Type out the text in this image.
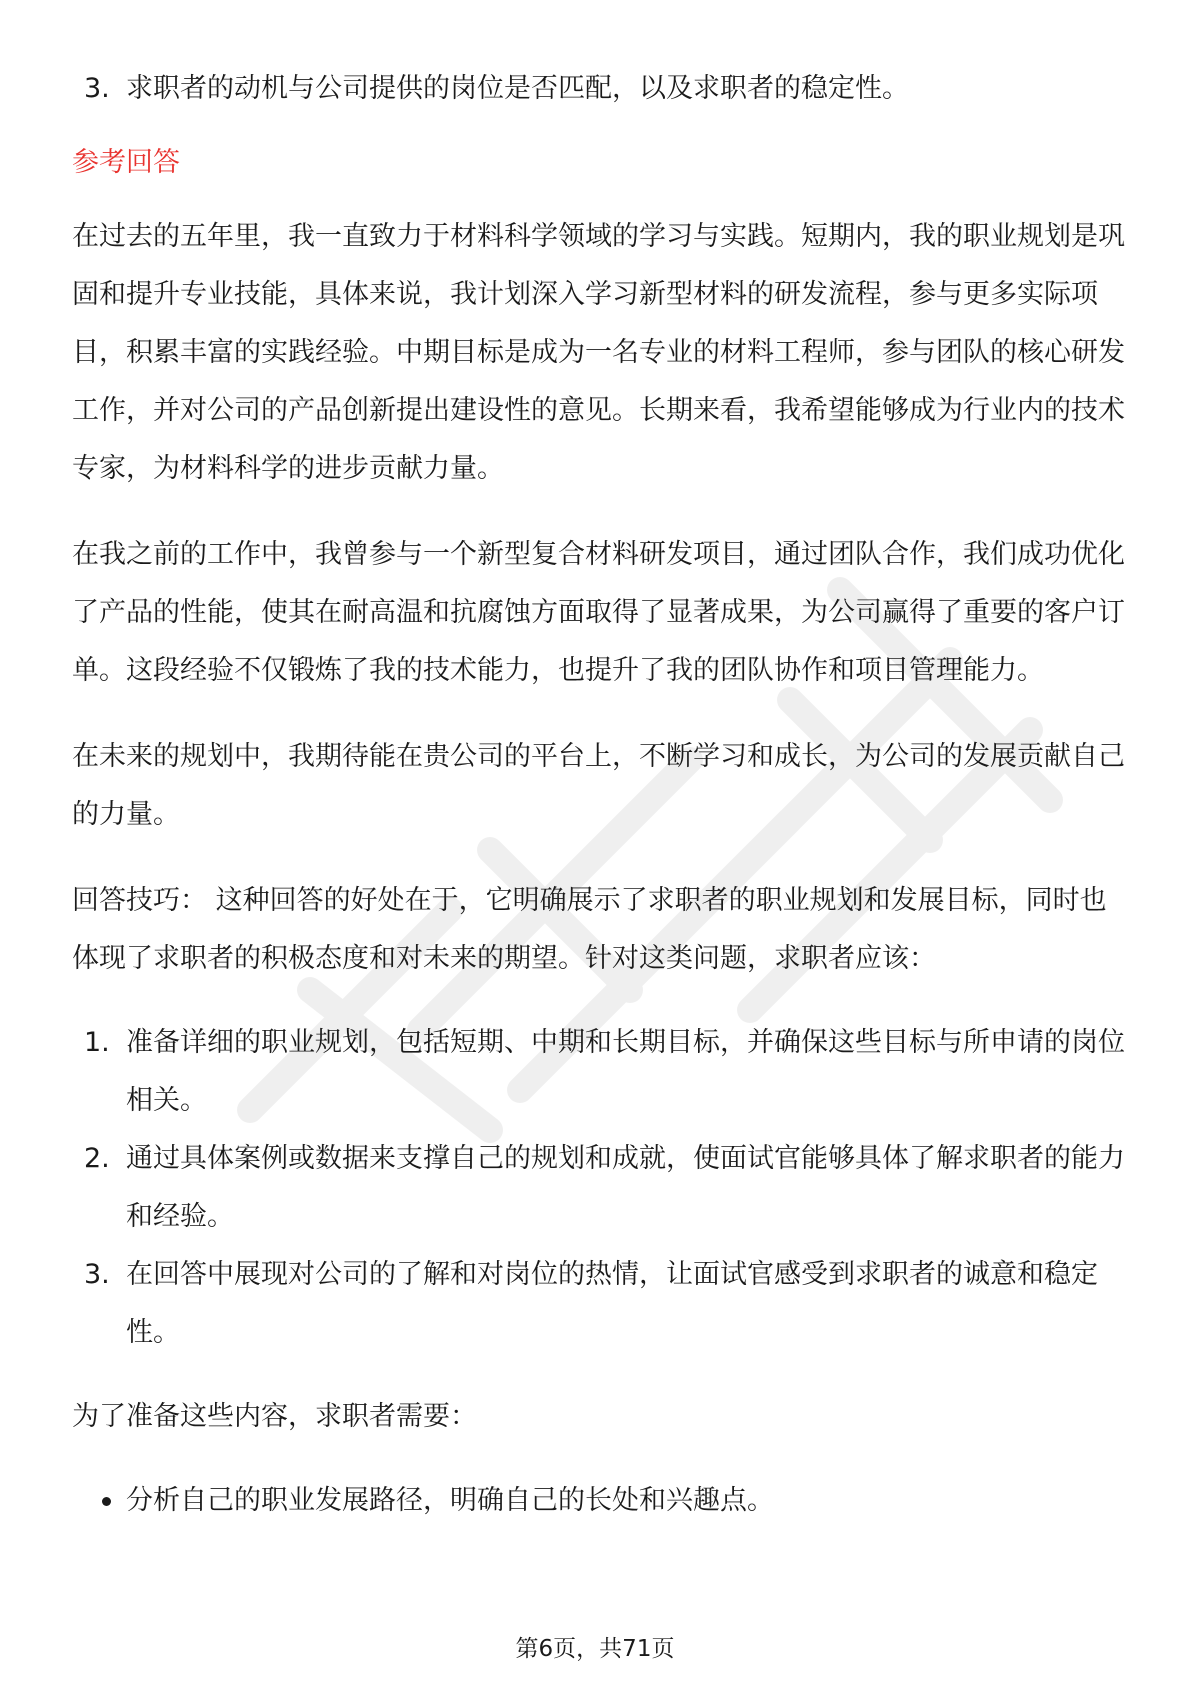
3. 求职者的动机与公司提供的岗位是否匹配，以及求职者的稳定性。
参考回答
在过去的五年里，我一直致力于材料科学领域的学习与实践。短期内，我的职业规划是巩固和提升专业技能，具体来说，我计划深入学习新型材料的研发流程，参与更多实际项目，积累丰富的实践经验。中期目标是成为一名专业的材料工程师，参与团队的核心研发工作，并对公司的产品创新提出建设性的意见。长期来看，我希望能够成为行业内的技术专家，为材料科学的进步贡献力量。
在我之前的工作中，我曾参与一个新型复合材料研发项目，通过团队合作，我们成功优化了产品的性能，使其在耐高温和抗腐蚀方面取得了显著成果，为公司赢得了重要的客户订单。这段经验不仅锻炼了我的技术能力，也提升了我的团队协作和项目管理能力。
在未来的规划中，我期待能在贵公司的平台上，不断学习和成长，为公司的发展贡献自己的力量。
回答技巧： 这种回答的好处在于，它明确展示了求职者的职业规划和发展目标，同时也体现了求职者的积极态度和对未来的期望。针对这类问题，求职者应该：
1. 准备详细的职业规划，包括短期、中期和长期目标，并确保这些目标与所申请的岗位相关。
2. 通过具体案例或数据来支撑自己的规划和成就，使面试官能够具体了解求职者的能力和经验。
3. 在回答中展现对公司的了解和对岗位的热情，让面试官感受到求职者的诚意和稳定性。
为了准备这些内容，求职者需要：
分析自己的职业发展路径，明确自己的长处和兴趣点。
第6页，共71页
